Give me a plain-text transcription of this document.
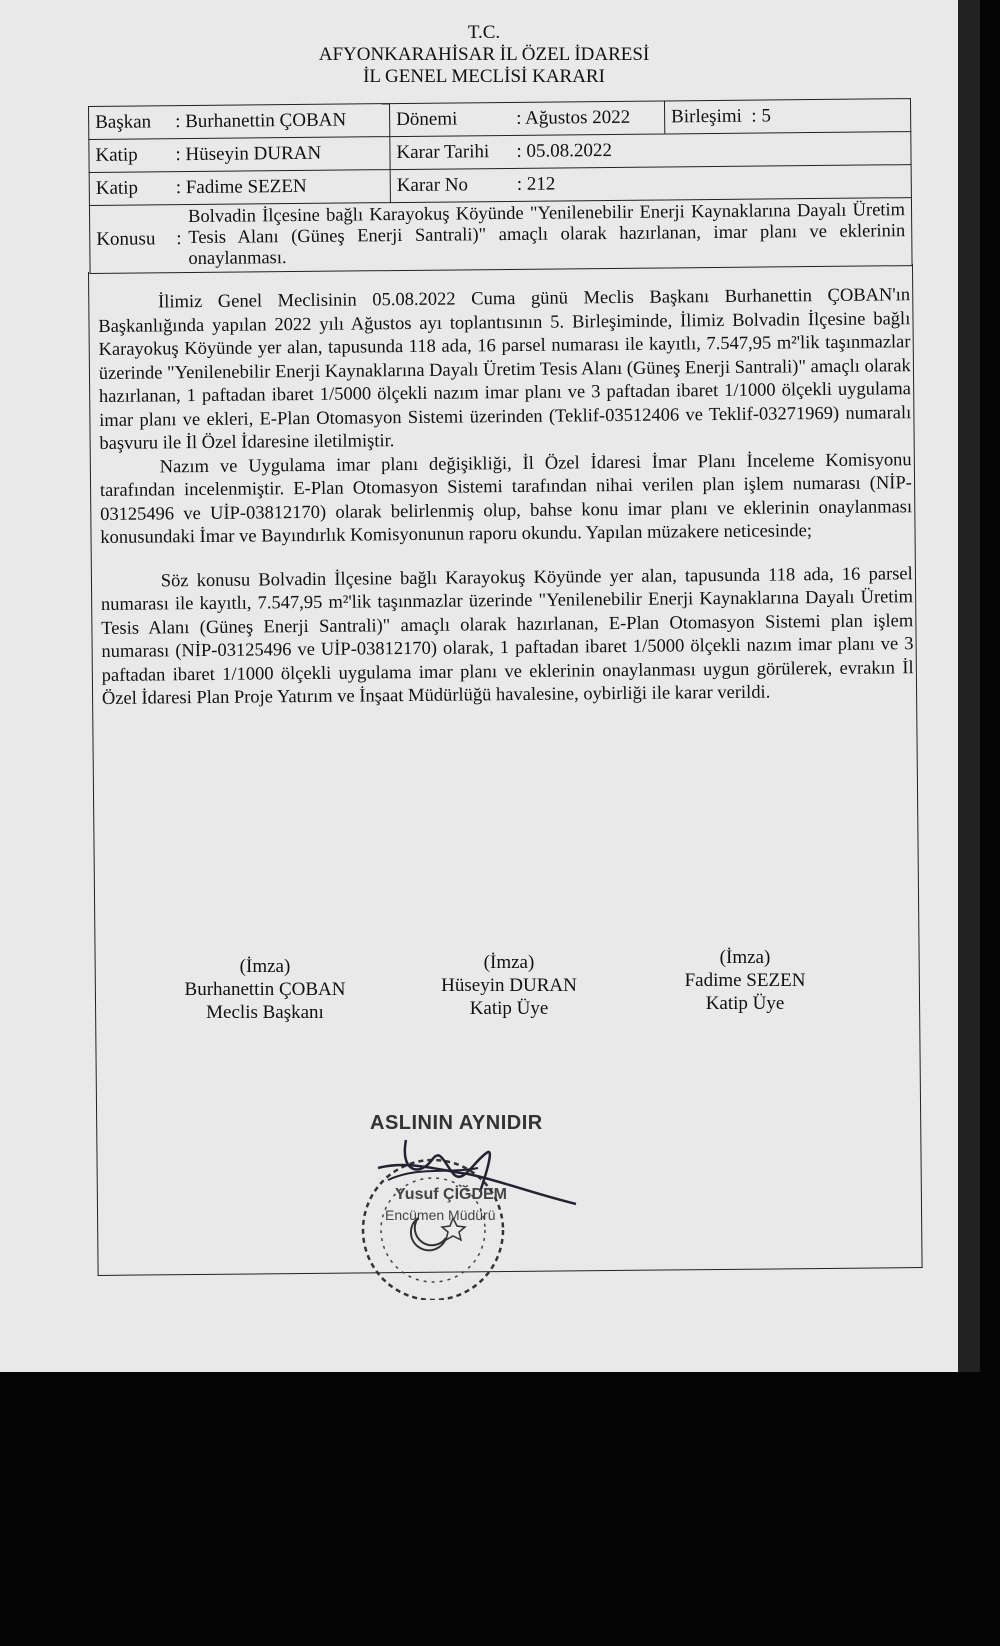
T.C.
AFYONKARAHİSAR İL ÖZEL İDARESİ
İL GENEL MECLİSİ KARARI
Başkan : Burhanettin ÇOBAN	Dönemi : Ağustos 2022	Birleşimi : 5
Katip : Hüseyin DURAN	Karar Tarihi : 05.08.2022	
Katip : Fadime SEZEN	Karar No : 212	

Konusu :
Bolvadin İlçesine bağlı Karayokuş Köyünde "Yenilenebilir Enerji Kaynaklarına Dayalı Üretim Tesis Alanı (Güneş Enerji Santrali)" amaçlı olarak hazırlanan, imar planı ve eklerinin onaylanması.		

İlimiz Genel Meclisinin 05.08.2022 Cuma günü Meclis Başkanı Burhanettin ÇOBAN'ın Başkanlığında yapılan 2022 yılı Ağustos ayı toplantısının 5. Birleşiminde, İlimiz Bolvadin İlçesine bağlı Karayokuş Köyünde yer alan, tapusunda 118 ada, 16 parsel numarası ile kayıtlı, 7.547,95 m²'lik taşınmazlar üzerinde "Yenilenebilir Enerji Kaynaklarına Dayalı Üretim Tesis Alanı (Güneş Enerji Santrali)" amaçlı olarak hazırlanan, 1 paftadan ibaret 1/5000 ölçekli nazım imar planı ve 3 paftadan ibaret 1/1000 ölçekli uygulama imar planı ve ekleri, E-Plan Otomasyon Sistemi üzerinden (Teklif-03512406 ve Teklif-03271969) numaralı başvuru ile İl Özel İdaresine iletilmiştir.

Nazım ve Uygulama imar planı değişikliği, İl Özel İdaresi İmar Planı İnceleme Komisyonu tarafından incelenmiştir. E-Plan Otomasyon Sistemi tarafından nihai verilen plan işlem numarası (NİP-03125496 ve UİP-03812170) olarak belirlenmiş olup, bahse konu imar planı ve eklerinin onaylanması konusundaki İmar ve Bayındırlık Komisyonunun raporu okundu. Yapılan müzakere neticesinde;

Söz konusu Bolvadin İlçesine bağlı Karayokuş Köyünde yer alan, tapusunda 118 ada, 16 parsel numarası ile kayıtlı, 7.547,95 m²'lik taşınmazlar üzerinde "Yenilenebilir Enerji Kaynaklarına Dayalı Üretim Tesis Alanı (Güneş Enerji Santrali)" amaçlı olarak hazırlanan, E-Plan Otomasyon Sistemi plan işlem numarası (NİP-03125496 ve UİP-03812170) olarak, 1 paftadan ibaret 1/5000 ölçekli nazım imar planı ve 3 paftadan ibaret 1/1000 ölçekli uygulama imar planı ve eklerinin onaylanması uygun görülerek, evrakın İl Özel İdaresi Plan Proje Yatırım ve İnşaat Müdürlüğü havalesine, oybirliği ile karar verildi.

(İmza)
Burhanettin ÇOBAN
Meclis Başkanı
(İmza)
Hüseyin DURAN
Katip Üye
(İmza)
Fadime SEZEN
Katip Üye
ASLININ AYNIDIR
Yusuf ÇİĞDEM
Encümen Müdürü
